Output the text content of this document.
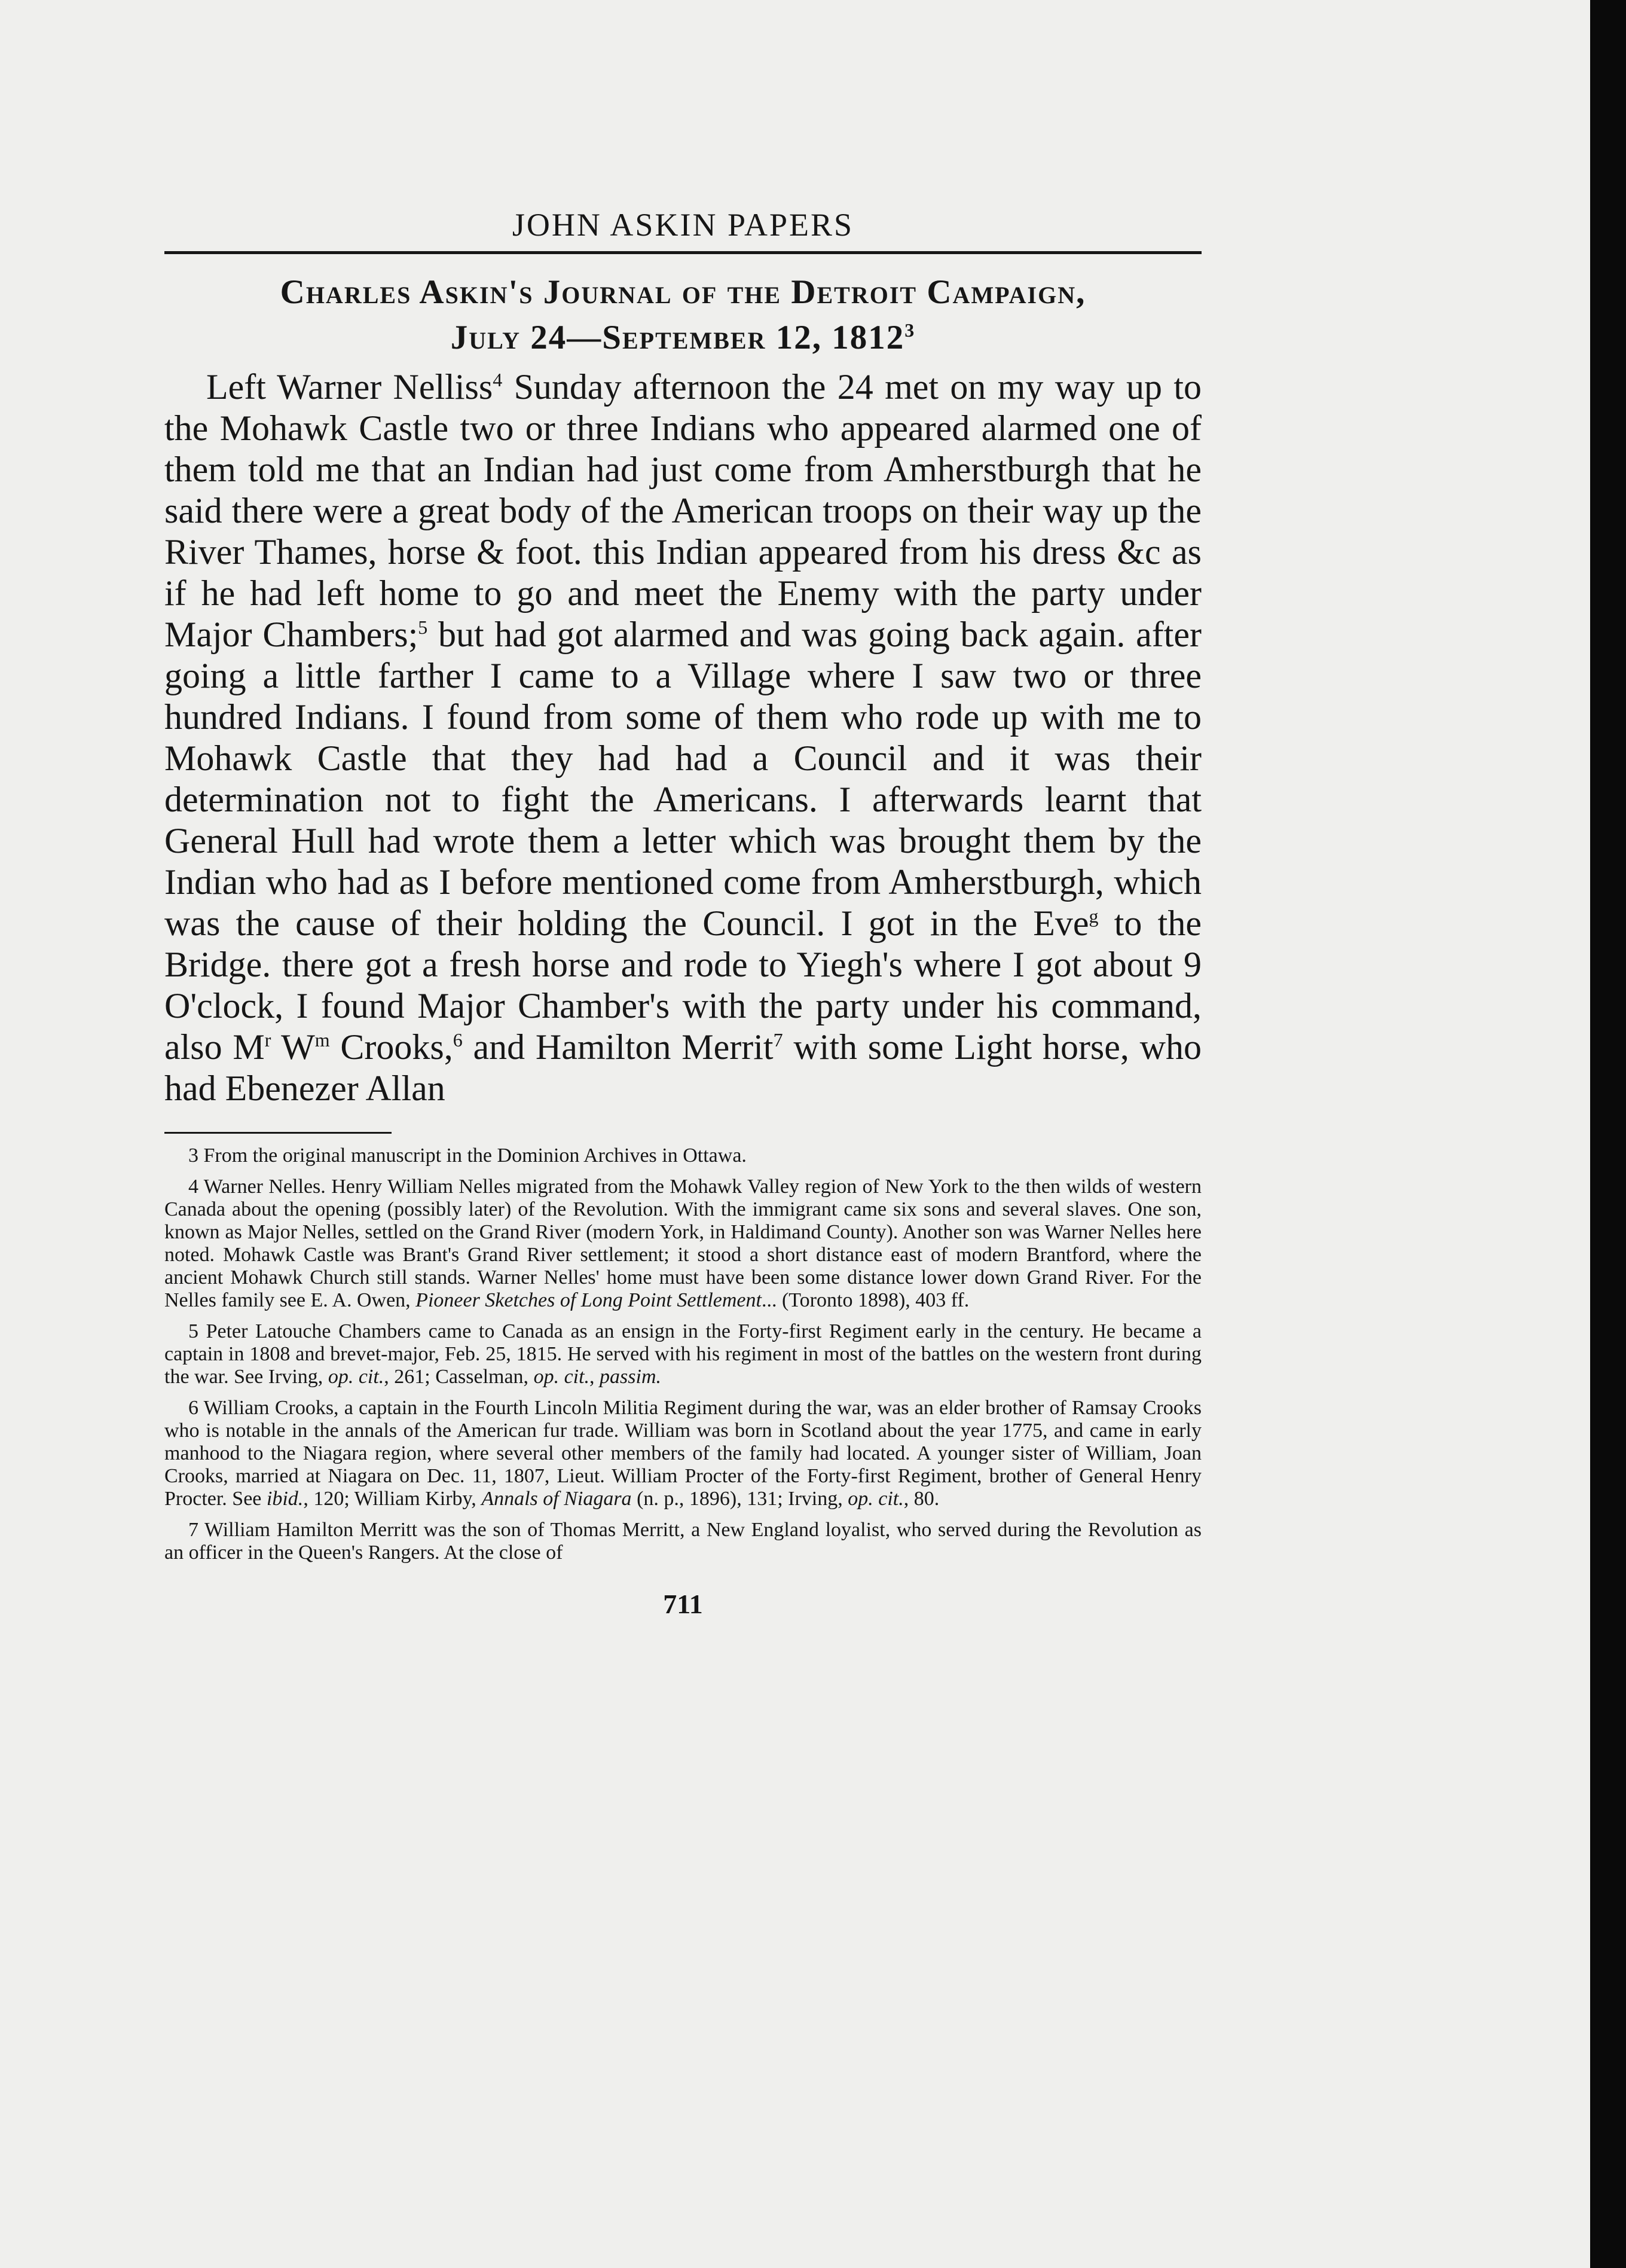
JOHN ASKIN PAPERS

Charles Askin's Journal of the Detroit Campaign,
July 24—September 12, 1812$^3$

Left Warner Nelliss$^4$ Sunday afternoon the 24 met on my way up to the Mohawk Castle two or three Indians who appeared alarmed one of them told me that an Indian had just come from Amherstburgh that he said there were a great body of the American troops on their way up the River Thames, horse & foot. this Indian appeared from his dress &c as if he had left home to go and meet the Enemy with the party under Major Chambers;$^5$ but had got alarmed and was going back again. after going a little farther I came to a Village where I saw two or three hundred Indians. I found from some of them who rode up with me to Mohawk Castle that they had had a Council and it was their determination not to fight the Americans. I afterwards learnt that General Hull had wrote them a letter which was brought them by the Indian who had as I before mentioned come from Amherstburgh, which was the cause of their holding the Council. I got in the Eve$^g$ to the Bridge. there got a fresh horse and rode to Yiegh's where I got about 9 O'clock, I found Major Chamber's with the party under his command, also $M^r$ $W^m$ Crooks,$^6$ and Hamilton Merrit$^7$ with some Light horse, who had Ebenezer Allan

3 From the original manuscript in the Dominion Archives in Ottawa.

4 Warner Nelles. Henry William Nelles migrated from the Mohawk Valley region of New York to the then wilds of western Canada about the opening (possibly later) of the Revolution. With the immigrant came six sons and several slaves. One son, known as Major Nelles, settled on the Grand River (modern York, in Haldimand County). Another son was Warner Nelles here noted. Mohawk Castle was Brant's Grand River settlement; it stood a short distance east of modern Brantford, where the ancient Mohawk Church still stands. Warner Nelles' home must have been some distance lower down Grand River. For the Nelles family see E. A. Owen, Pioneer Sketches of Long Point Settlement... (Toronto 1898), 403 ff.

5 Peter Latouche Chambers came to Canada as an ensign in the Forty-first Regiment early in the century. He became a captain in 1808 and brevet-major, Feb. 25, 1815. He served with his regiment in most of the battles on the western front during the war. See Irving, op. cit., 261; Casselman, op. cit., passim.

6 William Crooks, a captain in the Fourth Lincoln Militia Regiment during the war, was an elder brother of Ramsay Crooks who is notable in the annals of the American fur trade. William was born in Scotland about the year 1775, and came in early manhood to the Niagara region, where several other members of the family had located. A younger sister of William, Joan Crooks, married at Niagara on Dec. 11, 1807, Lieut. William Procter of the Forty-first Regiment, brother of General Henry Procter. See ibid., 120; William Kirby, Annals of Niagara (n. p., 1896), 131; Irving, op. cit., 80.

7 William Hamilton Merritt was the son of Thomas Merritt, a New England loyalist, who served during the Revolution as an officer in the Queen's Rangers. At the close of

711
